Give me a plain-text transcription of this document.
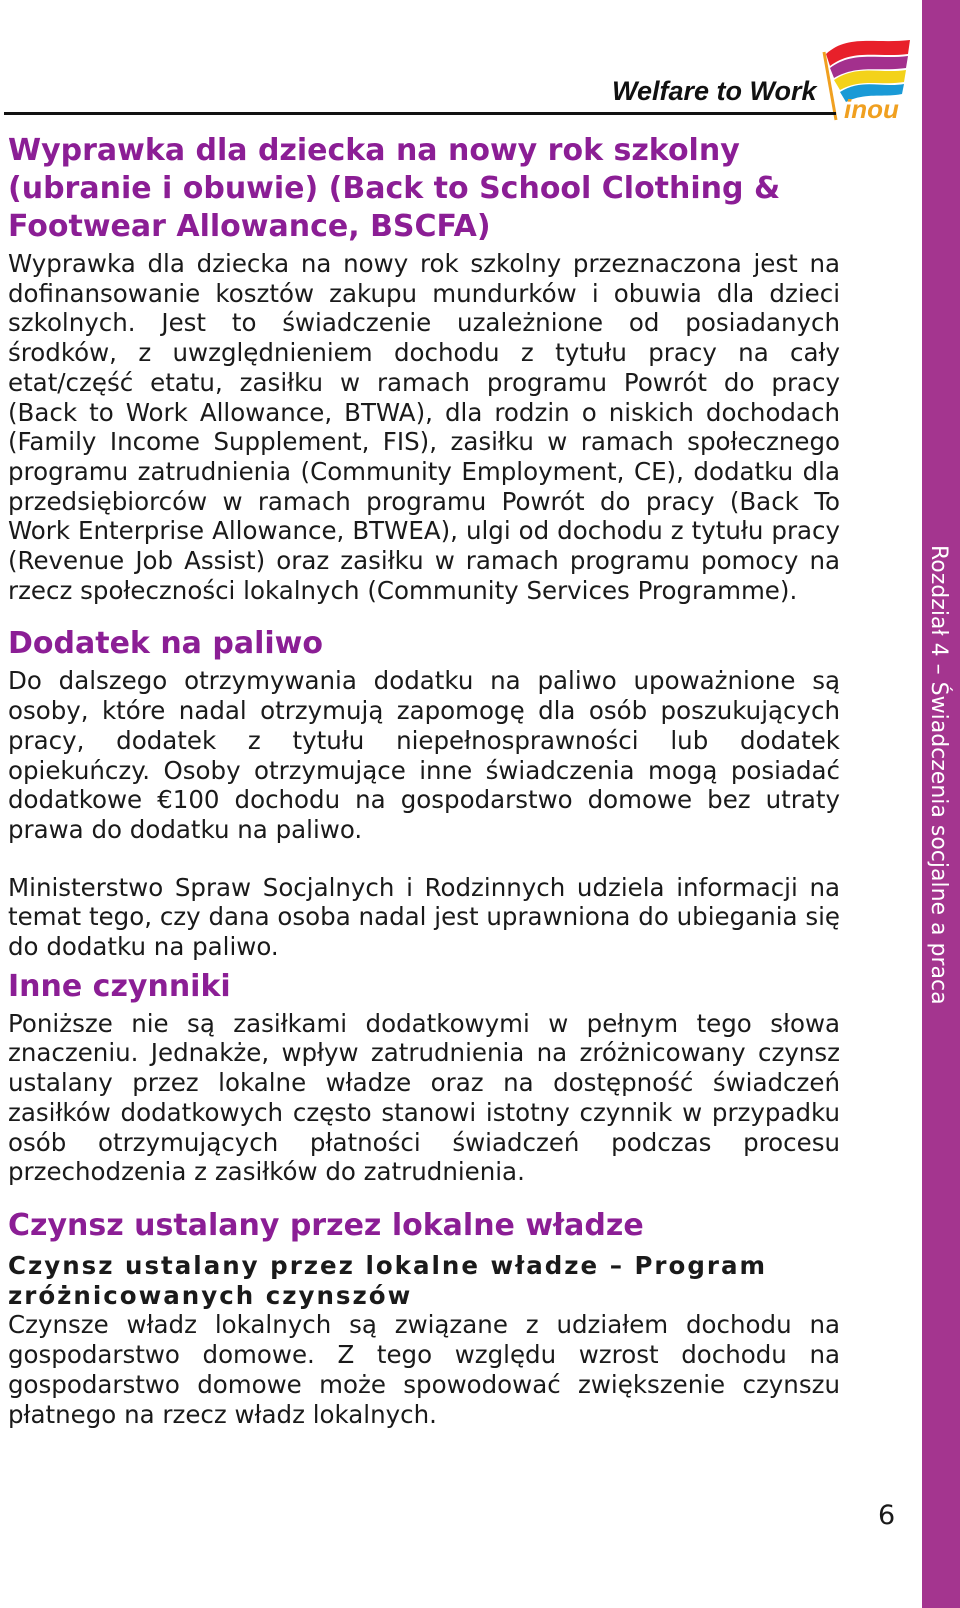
Rozdział 4 – Świadczenia socjalne a praca
Welfare to Work
inou
Wyprawka dla dziecka na nowy rok szkolny (ubranie i obuwie) (Back to School Clothing & Footwear Allowance, BSCFA)

Wyprawka dla dziecka na nowy rok szkolny przeznaczona jest na dofinansowanie kosztów zakupu mundurków i obuwia dla dzieci szkolnych. Jest to świadczenie uzależnione od posiadanych środków, z uwzględnieniem dochodu z tytułu pracy na cały etat/część etatu, zasiłku w ramach programu Powrót do pracy (Back to Work Allowance, BTWA), dla rodzin o niskich dochodach (Family Income Supplement, FIS), zasiłku w ramach społecznego programu zatrudnienia (Community Employment, CE), dodatku dla przedsiębiorców w ramach programu Powrót do pracy (Back To Work Enterprise Allowance, BTWEA), ulgi od dochodu z tytułu pracy (Revenue Job Assist) oraz zasiłku w ramach programu pomocy na rzecz społeczności lokalnych (Community Services Programme).

Dodatek na paliwo

Do dalszego otrzymywania dodatku na paliwo upoważnione są osoby, które nadal otrzymują zapomogę dla osób poszukujących pracy, dodatek z tytułu niepełnosprawności lub dodatek opiekuńczy. Osoby otrzymujące inne świadczenia mogą posiadać dodatkowe €100 dochodu na gospodarstwo domowe bez utraty prawa do dodatku na paliwo.

Ministerstwo Spraw Socjalnych i Rodzinnych udziela informacji na temat tego, czy dana osoba nadal jest uprawniona do ubiegania się do dodatku na paliwo.

Inne czynniki

Poniższe nie są zasiłkami dodatkowymi w pełnym tego słowa znaczeniu. Jednakże, wpływ zatrudnienia na zróżnicowany czynsz ustalany przez lokalne władze oraz na dostępność świadczeń zasiłków dodatkowych często stanowi istotny czynnik w przypadku osób otrzymujących płatności świadczeń podczas procesu przechodzenia z zasiłków do zatrudnienia.

Czynsz ustalany przez lokalne władze

Czynsz ustalany przez lokalne władze – Program zróżnicowanych czynszów

Czynsze władz lokalnych są związane z udziałem dochodu na gospodarstwo domowe. Z tego względu wzrost dochodu na gospodarstwo domowe może spowodować zwiększenie czynszu płatnego na rzecz władz lokalnych.

6
